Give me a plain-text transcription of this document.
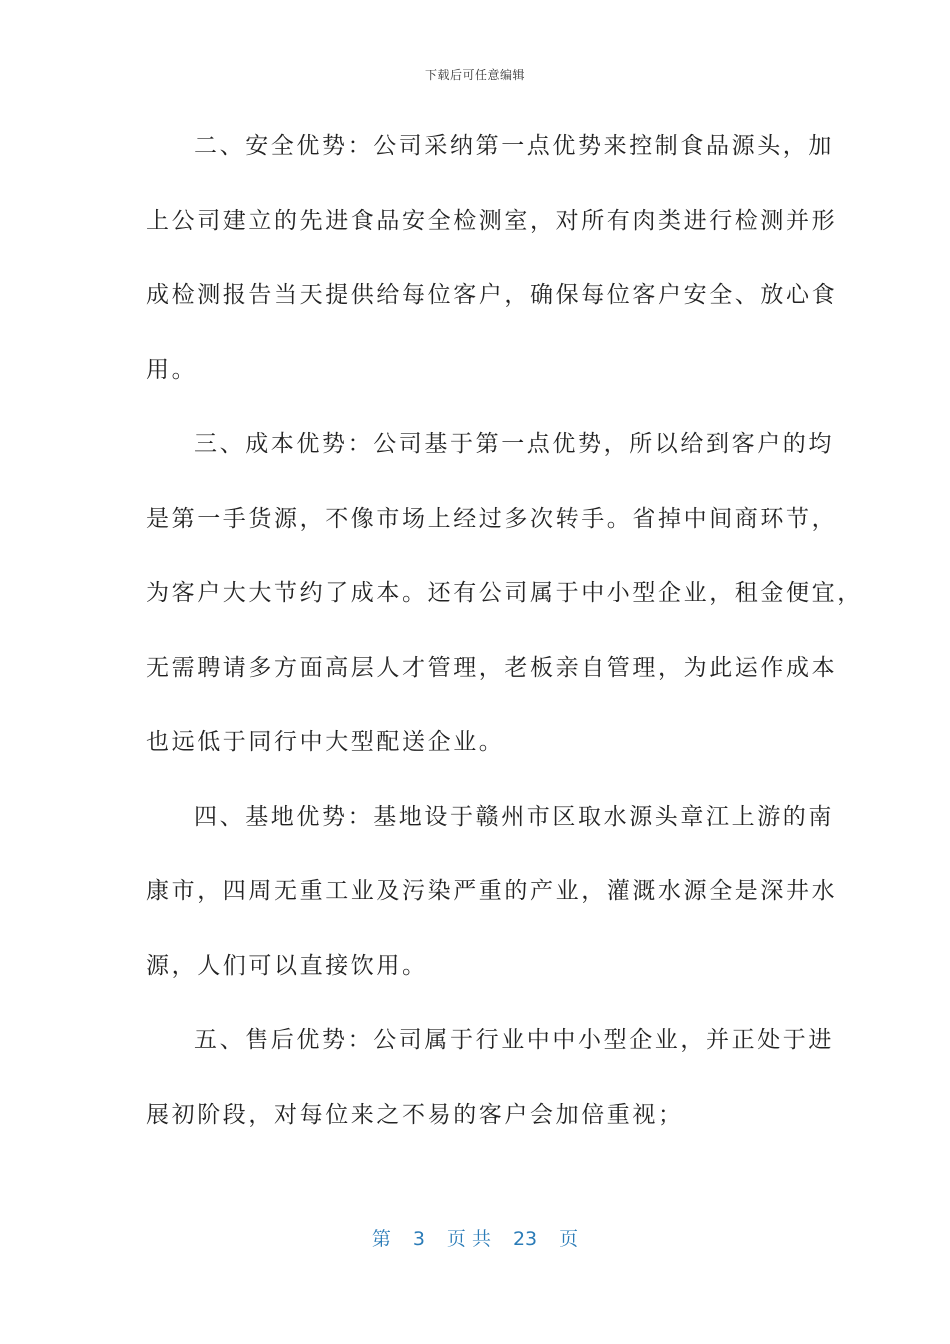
下载后可任意编辑
二、安全优势：公司采纳第一点优势来控制食品源头，加
上公司建立的先进食品安全检测室，对所有肉类进行检测并形
成检测报告当天提供给每位客户，确保每位客户安全、放心食
用。
三、成本优势：公司基于第一点优势，所以给到客户的均
是第一手货源，不像市场上经过多次转手。省掉中间商环节，
为客户大大节约了成本。还有公司属于中小型企业，租金便宜，
无需聘请多方面高层人才管理，老板亲自管理，为此运作成本
也远低于同行中大型配送企业。
四、基地优势：基地设于赣州市区取水源头章江上游的南
康市，四周无重工业及污染严重的产业，灌溉水源全是深井水
源，人们可以直接饮用。
五、售后优势：公司属于行业中中小型企业，并正处于进
展初阶段，对每位来之不易的客户会加倍重视；
第 3 页 共 23 页
